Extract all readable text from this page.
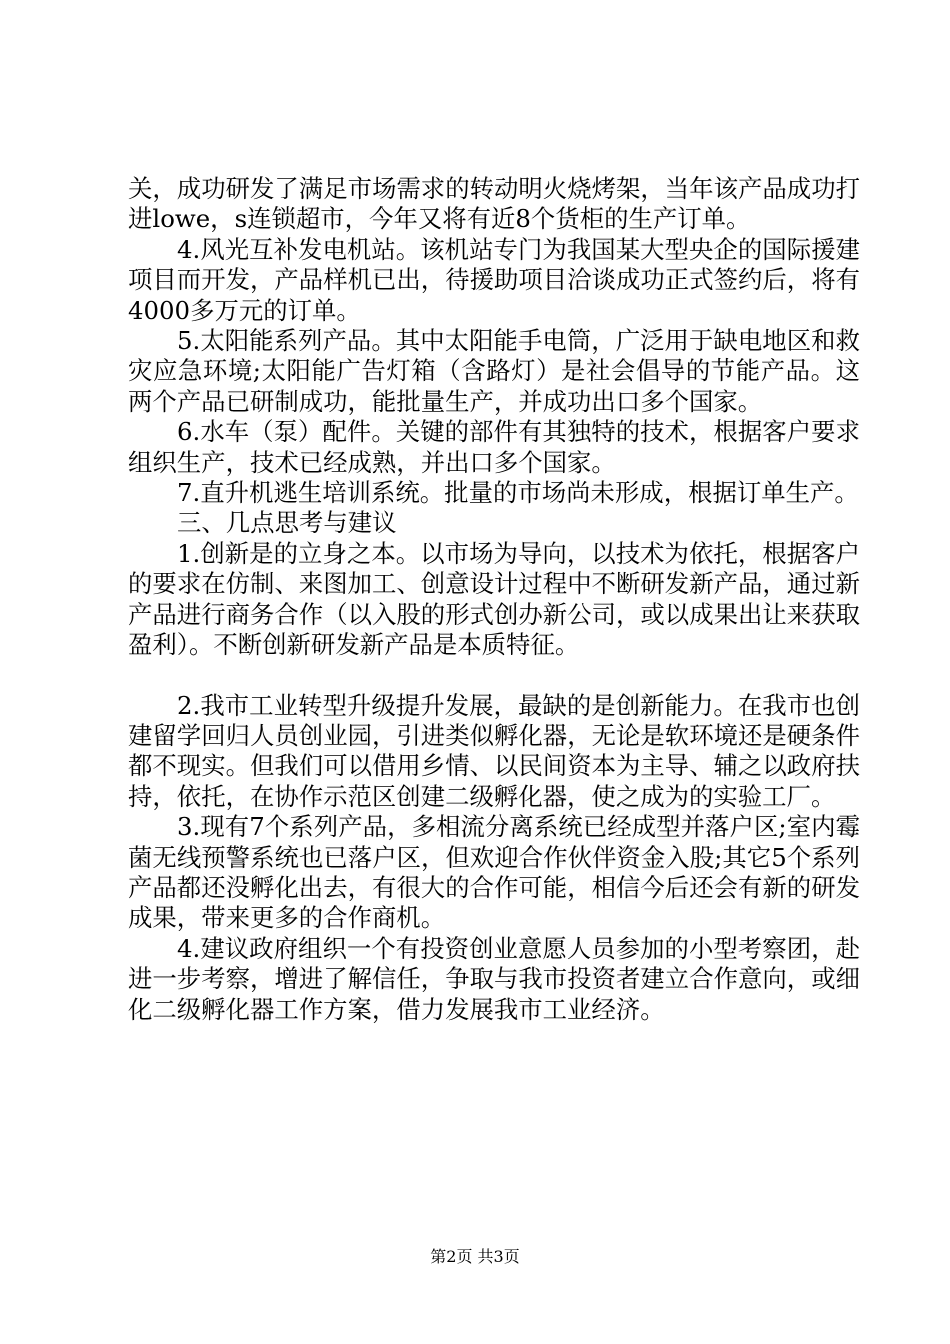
关，成功研发了满足市场需求的转动明火烧烤架，当年该产品成功打进lowe，s连锁超市，今年又将有近8个货柜的生产订单。

4.风光互补发电机站。该机站专门为我国某大型央企的国际援建项目而开发，产品样机已出，待援助项目洽谈成功正式签约后，将有4000多万元的订单。

5.太阳能系列产品。其中太阳能手电筒，广泛用于缺电地区和救灾应急环境;太阳能广告灯箱（含路灯）是社会倡导的节能产品。这两个产品已研制成功，能批量生产，并成功出口多个国家。

6.水车（泵）配件。关键的部件有其独特的技术，根据客户要求组织生产，技术已经成熟，并出口多个国家。

7.直升机逃生培训系统。批量的市场尚未形成，根据订单生产。

三、几点思考与建议

1.创新是的立身之本。以市场为导向，以技术为依托，根据客户的要求在仿制、来图加工、创意设计过程中不断研发新产品，通过新产品进行商务合作（以入股的形式创办新公司，或以成果出让来获取盈利）。不断创新研发新产品是本质特征。

2.我市工业转型升级提升发展，最缺的是创新能力。在我市也创建留学回归人员创业园，引进类似孵化器，无论是软环境还是硬条件都不现实。但我们可以借用乡情、以民间资本为主导、辅之以政府扶持，依托，在协作示范区创建二级孵化器，使之成为的实验工厂。

3.现有7个系列产品，多相流分离系统已经成型并落户区;室内霉菌无线预警系统也已落户区，但欢迎合作伙伴资金入股;其它5个系列产品都还没孵化出去，有很大的合作可能，相信今后还会有新的研发成果，带来更多的合作商机。

4.建议政府组织一个有投资创业意愿人员参加的小型考察团，赴进一步考察，增进了解信任，争取与我市投资者建立合作意向，或细化二级孵化器工作方案，借力发展我市工业经济。

第2页 共3页
